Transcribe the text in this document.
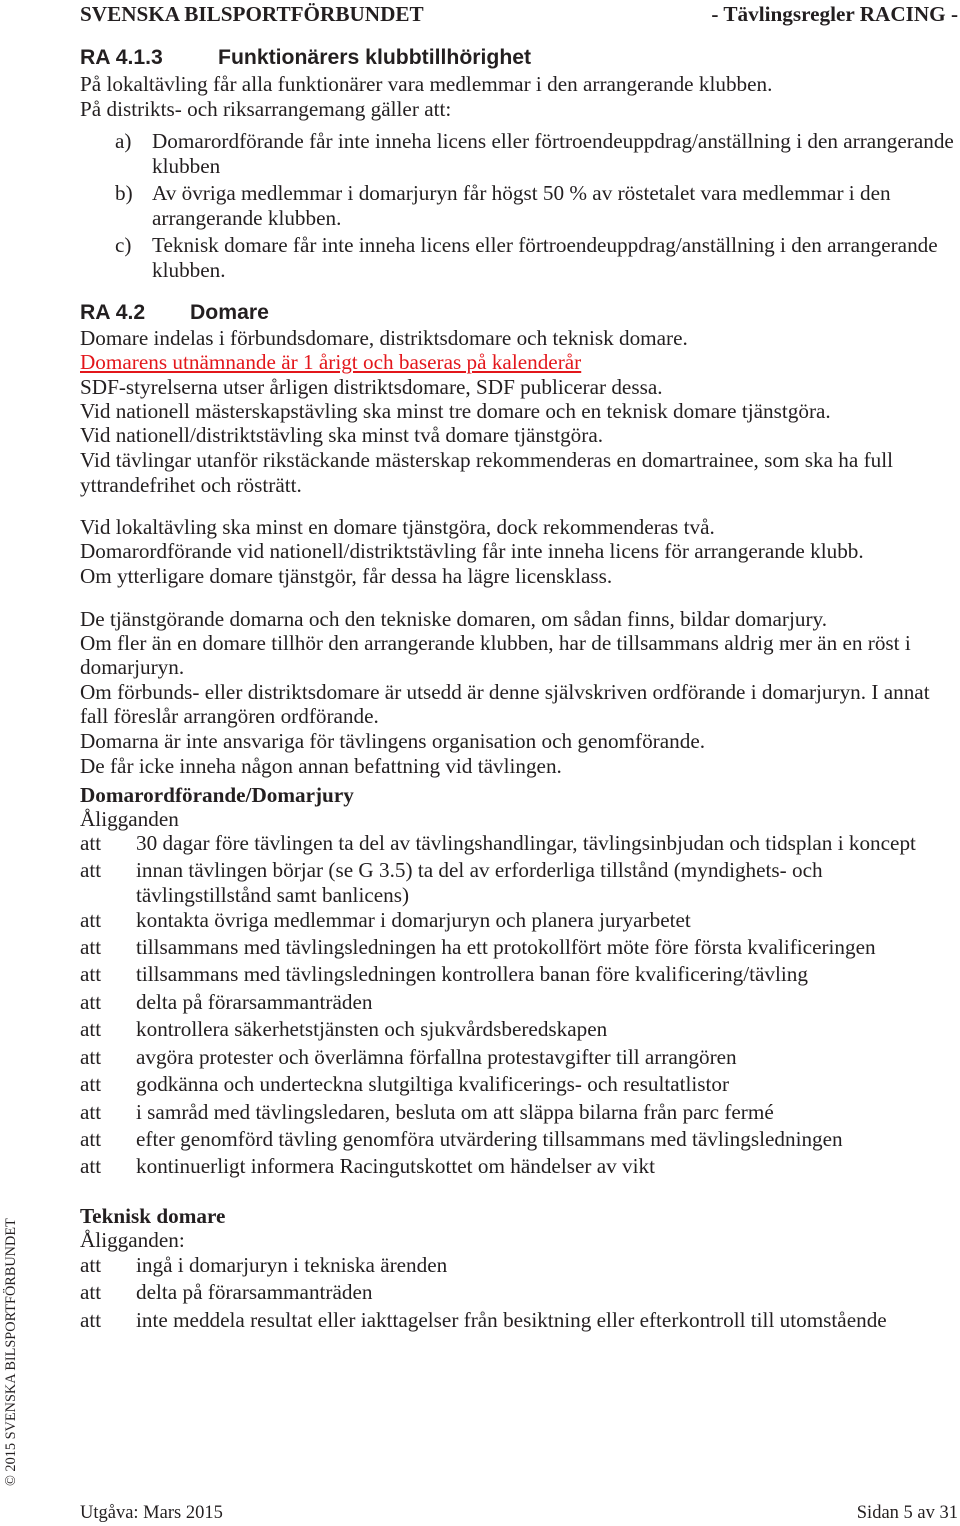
SVENSKA BILSPORTFÖRBUNDET	- Tävlingsregler RACING -
RA 4.1.3	Funktionärers klubbtillhörighet
På lokaltävling får alla funktionärer vara medlemmar i den arrangerande klubben.
På distrikts- och riksarrangemang gäller att:
a) Domarordförande får inte inneha licens eller förtroendeuppdrag/anställning i den arrangerande
klubben
b) Av övriga medlemmar i domarjuryn får högst 50 % av röstetalet vara medlemmar i den
arrangerande klubben.
c) Teknisk domare får inte inneha licens eller förtroendeuppdrag/anställning i den arrangerande
klubben.
RA 4.2 Domare
Domare indelas i förbundsdomare, distriktsdomare och teknisk domare.
Domarens utnämnande är 1 årigt och baseras på kalenderår
SDF-styrelserna utser årligen distriktsdomare, SDF publicerar dessa.
Vid nationell mästerskapstävling ska minst tre domare och en teknisk domare tjänstgöra.
Vid nationell/distriktstävling ska minst två domare tjänstgöra.
Vid tävlingar utanför rikstäckande mästerskap rekommenderas en domartrainee, som ska ha full
yttrandefrihet och rösträtt.
Vid lokaltävling ska minst en domare tjänstgöra, dock rekommenderas två.
Domarordförande vid nationell/distriktstävling får inte inneha licens för arrangerande klubb.
Om ytterligare domare tjänstgör, får dessa ha lägre licensklass.
De tjänstgörande domarna och den tekniske domaren, om sådan finns, bildar domarjury.
Om fler än en domare tillhör den arrangerande klubben, har de tillsammans aldrig mer än en röst i
domarjuryn.
Om förbunds- eller distriktsdomare är utsedd är denne självskriven ordförande i domarjuryn. I annat
fall föreslår arrangören ordförande.
Domarna är inte ansvariga för tävlingens organisation och genomförande.
De får icke inneha någon annan befattning vid tävlingen.
Domarordförande/Domarjury
Åligganden
att 30 dagar före tävlingen ta del av tävlingshandlingar, tävlingsinbjudan och tidsplan i koncept
att innan tävlingen börjar (se G 3.5) ta del av erforderliga tillstånd (myndighets- och
tävlingstillstånd samt banlicens)
att kontakta övriga medlemmar i domarjuryn och planera juryarbetet
att tillsammans med tävlingsledningen ha ett protokollfört möte före första kvalificeringen
att tillsammans med tävlingsledningen kontrollera banan före kvalificering/tävling
att delta på förarsammanträden
att kontrollera säkerhetstjänsten och sjukvårdsberedskapen
att avgöra protester och överlämna förfallna protestavgifter till arrangören
att godkänna och underteckna slutgiltiga kvalificerings- och resultatlistor
att i samråd med tävlingsledaren, besluta om att släppa bilarna från parc fermé
att efter genomförd tävling genomföra utvärdering tillsammans med tävlingsledningen
att kontinuerligt informera Racingutskottet om händelser av vikt
Teknisk domare
Åligganden:
att ingå i domarjuryn i tekniska ärenden
att delta på förarsammanträden
att inte meddela resultat eller iakttagelser från besiktning eller efterkontroll till utomstående
© 2015 SVENSKA BILSPORTFÖRBUNDET
Utgåva: Mars 2015	Sidan 5 av 31
